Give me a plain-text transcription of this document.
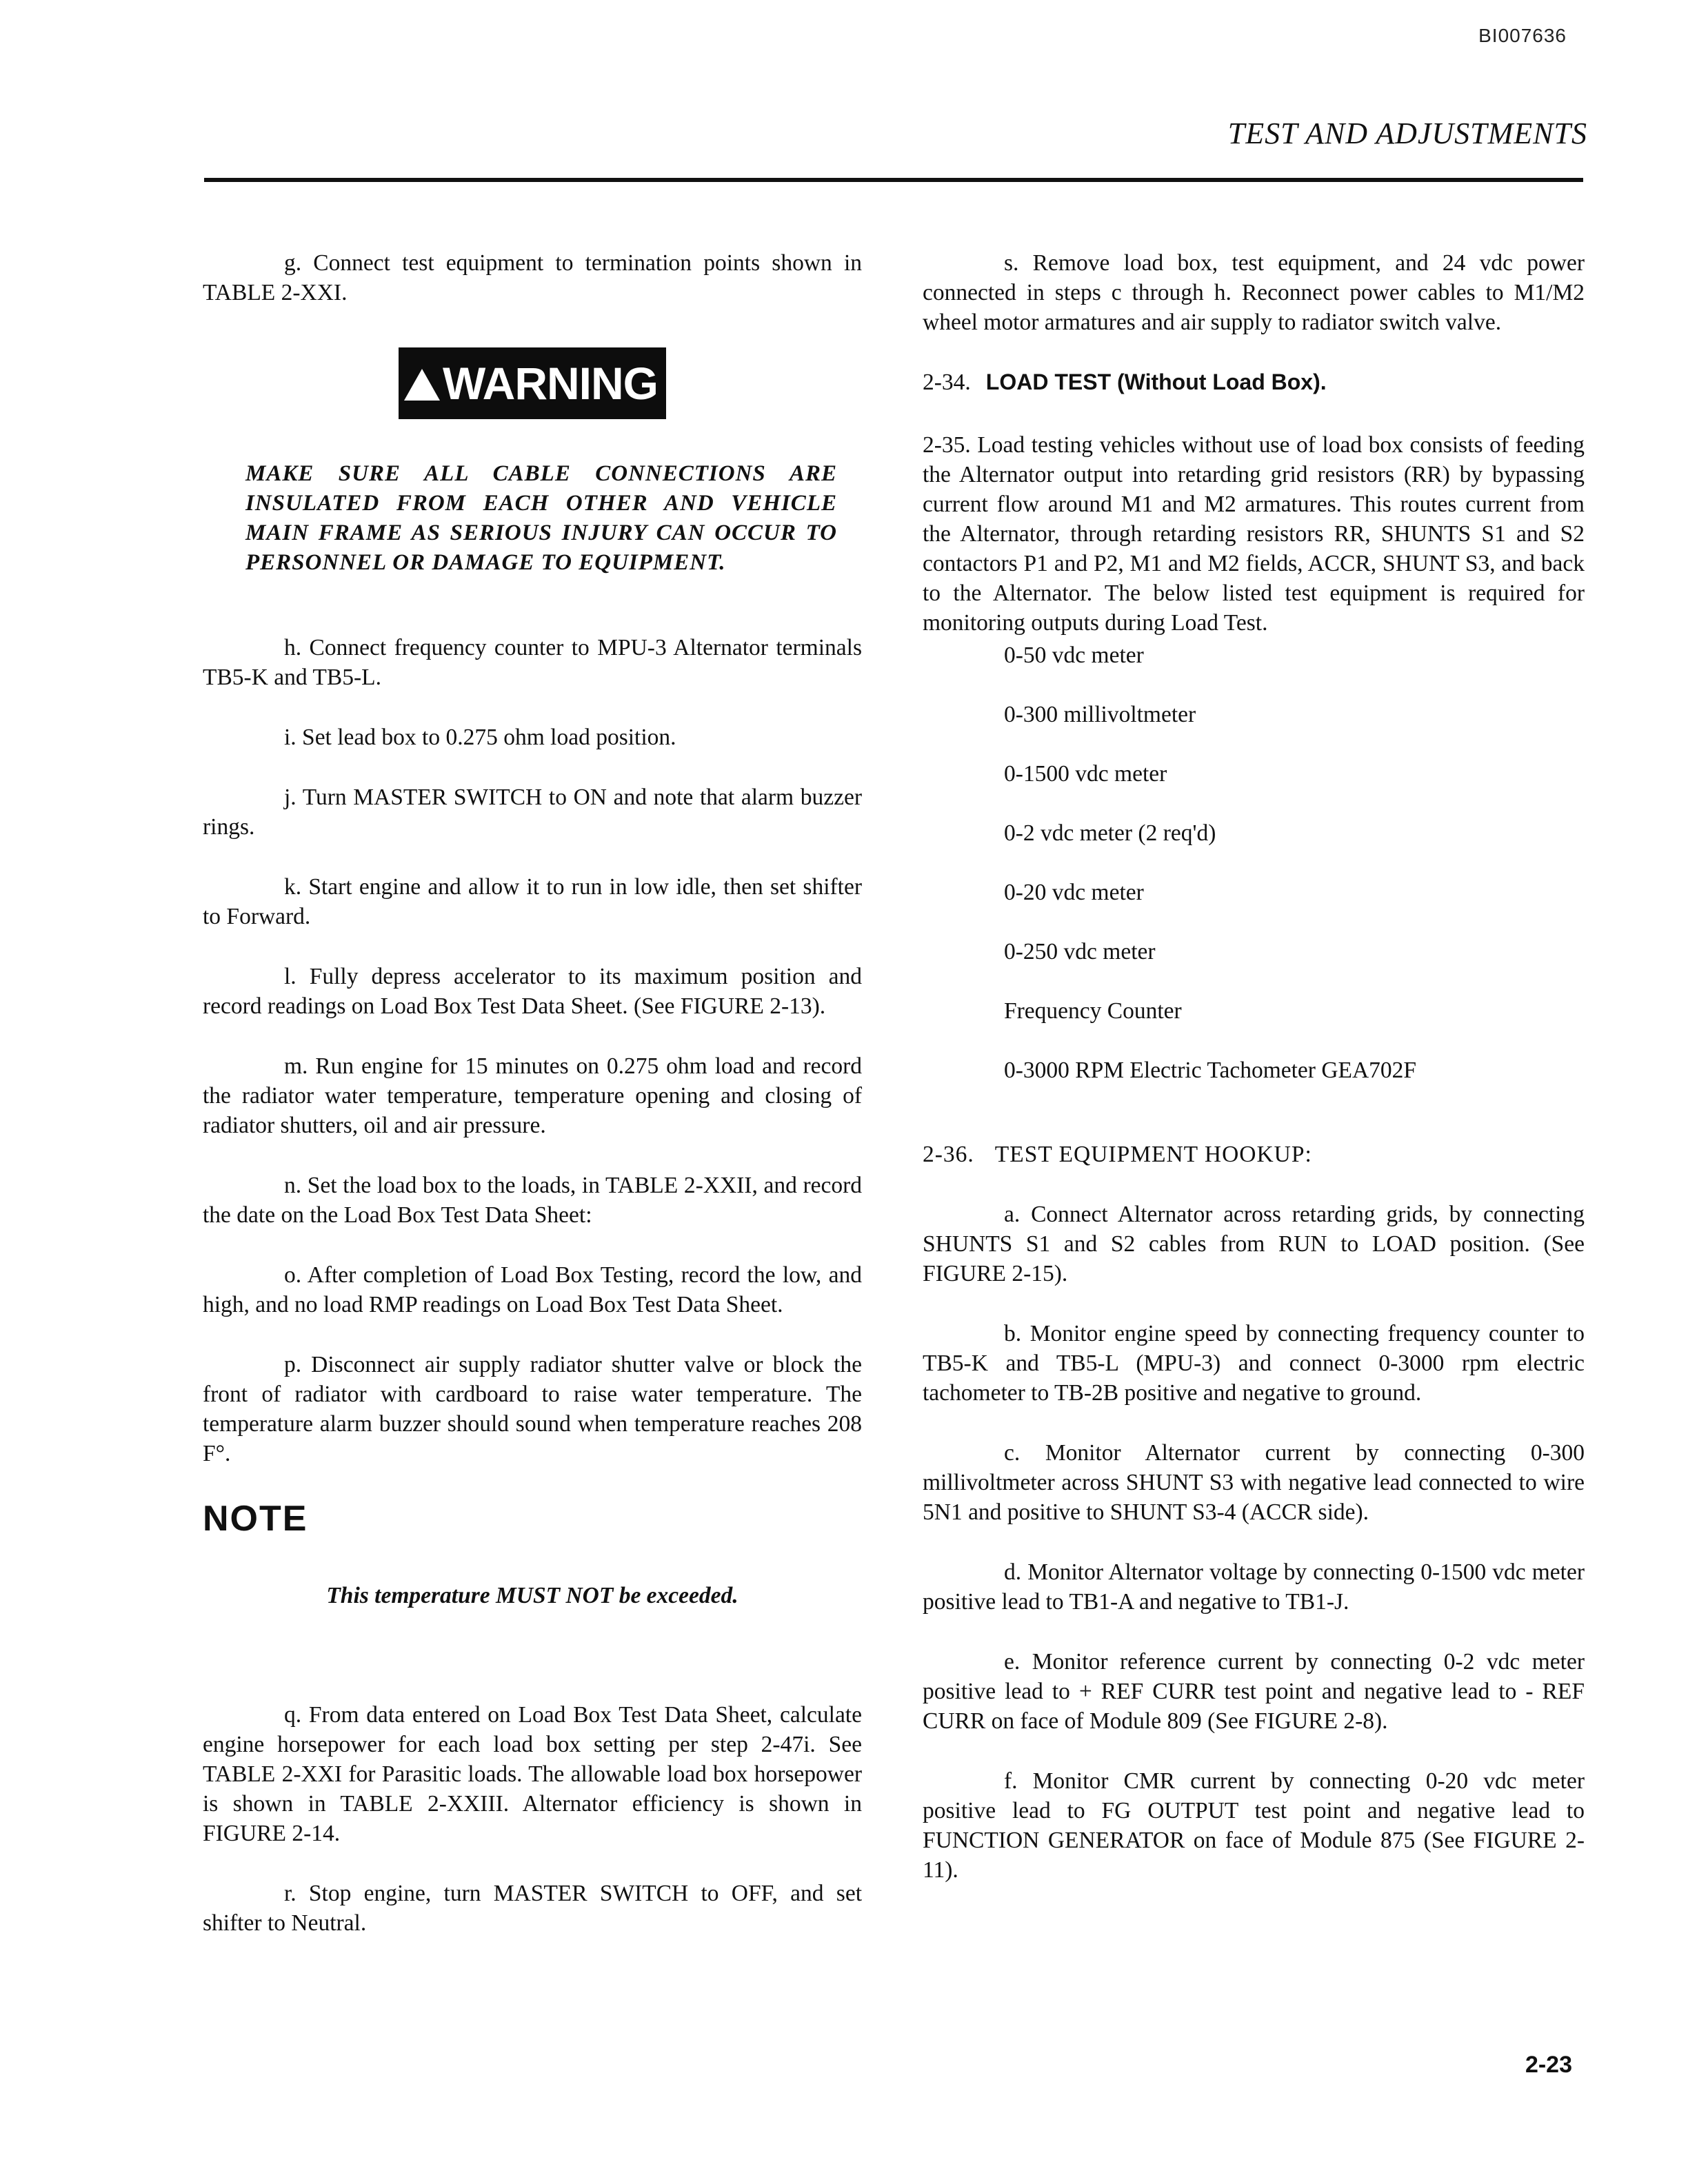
BI007636
TEST AND ADJUSTMENTS

g. Connect test equipment to termination points shown in TABLE 2-XXI.

WARNING

MAKE SURE ALL CABLE CONNECTIONS ARE INSULATED FROM EACH OTHER AND VEHICLE MAIN FRAME AS SERIOUS INJURY CAN OCCUR TO PERSONNEL OR DAMAGE TO EQUIPMENT.

h. Connect frequency counter to MPU-3 Alternator terminals TB5-K and TB5-L.

i. Set lead box to 0.275 ohm load position.

j. Turn MASTER SWITCH to ON and note that alarm buzzer rings.

k. Start engine and allow it to run in low idle, then set shifter to Forward.

l. Fully depress accelerator to its maximum position and record readings on Load Box Test Data Sheet. (See FIGURE 2-13).

m. Run engine for 15 minutes on 0.275 ohm load and record the radiator water temperature, temperature opening and closing of radiator shutters, oil and air pressure.

n. Set the load box to the loads, in TABLE 2-XXII, and record the date on the Load Box Test Data Sheet:

o. After completion of Load Box Testing, record the low, and high, and no load RMP readings on Load Box Test Data Sheet.

p. Disconnect air supply radiator shutter valve or block the front of radiator with cardboard to raise water temperature. The temperature alarm buzzer should sound when temperature reaches 208 F°.

NOTE

This temperature MUST NOT be exceeded.

q. From data entered on Load Box Test Data Sheet, calculate engine horsepower for each load box setting per step 2-47i. See TABLE 2-XXI for Parasitic loads. The allowable load box horsepower is shown in TABLE 2-XXIII. Alternator efficiency is shown in FIGURE 2-14.

r. Stop engine, turn MASTER SWITCH to OFF, and set shifter to Neutral.

s. Remove load box, test equipment, and 24 vdc power connected in steps c through h. Reconnect power cables to M1/M2 wheel motor armatures and air supply to radiator switch valve.

2-34. LOAD TEST (Without Load Box).

2-35. Load testing vehicles without use of load box consists of feeding the Alternator output into retarding grid resistors (RR) by bypassing current flow around M1 and M2 armatures. This routes current from the Alternator, through retarding resistors RR, SHUNTS S1 and S2 contactors P1 and P2, M1 and M2 fields, ACCR, SHUNT S3, and back to the Alternator. The below listed test equipment is required for monitoring outputs during Load Test.

0-50 vdc meter
0-300 millivoltmeter
0-1500 vdc meter
0-2 vdc meter (2 req'd)
0-20 vdc meter
0-250 vdc meter
Frequency Counter
0-3000 RPM Electric Tachometer GEA702F

2-36. TEST EQUIPMENT HOOKUP:

a. Connect Alternator across retarding grids, by connecting SHUNTS S1 and S2 cables from RUN to LOAD position. (See FIGURE 2-15).

b. Monitor engine speed by connecting frequency counter to TB5-K and TB5-L (MPU-3) and connect 0-3000 rpm electric tachometer to TB-2B positive and negative to ground.

c. Monitor Alternator current by connecting 0-300 millivoltmeter across SHUNT S3 with negative lead connected to wire 5N1 and positive to SHUNT S3-4 (ACCR side).

d. Monitor Alternator voltage by connecting 0-1500 vdc meter positive lead to TB1-A and negative to TB1-J.

e. Monitor reference current by connecting 0-2 vdc meter positive lead to + REF CURR test point and negative lead to - REF CURR on face of Module 809 (See FIGURE 2-8).

f. Monitor CMR current by connecting 0-20 vdc meter positive lead to FG OUTPUT test point and negative lead to FUNCTION GENERATOR on face of Module 875 (See FIGURE 2-11).

2-23
